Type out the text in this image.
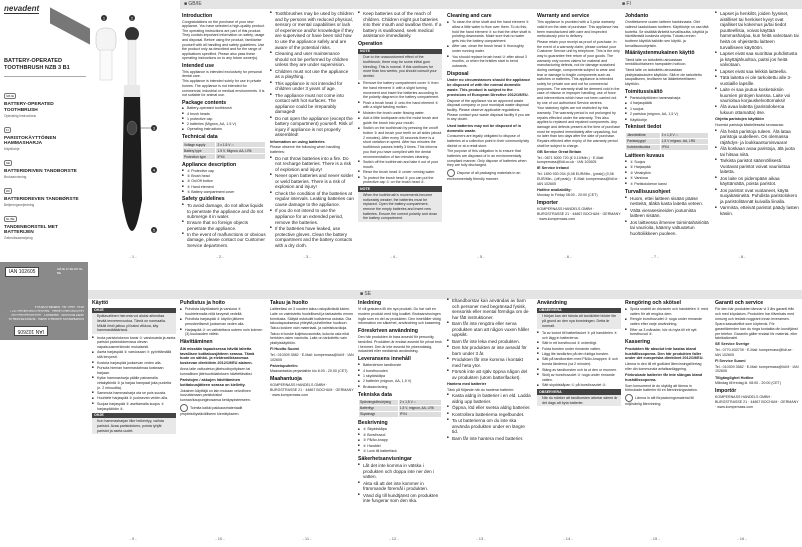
nevadent
BATTERY-OPERATED TOOTHBRUSH NZB 3 B1
GB IE
BATTERY-OPERATED TOOTHBRUSH
Operating instructions
FI
PARISTOKÄYTTÖINEN HAMMASHARJA
Käyttöohje
SE
BATTERIDRIVEN TANDBORSTE
Bruksanvisning
DK
BATTERIDREVEN TANDBØRSTE
Betjeningsvejledning
NL BE
TANDENBORSTEL MET BATTERIJEN
Gebruiksaanwijzing
1	2
3
4
5
IAN 102605	GB IE FI SE DK NL BE
IAN 102605
KOMPERNASS HANDELS GMBH · BURGSTRASSE 21 · 44867 BOCHUM · GERMANY · www.kompernass.com
Last Information Update · Stand der Informationen: 07 / 2014 · Ident.-No.: NZB3B1-072014-2
■ GB/IE	■ FI
■ SE
Introduction

Congratulations on the purchase of your new appliance. You have selected a high-quality product. The operating instructions are part of this product. They contain important information on safety, usage and disposal. Before using the product, familiarise yourself with all handling and safety guidelines. Use the product only as described and for the range of applications specified. Please also pass these operating instructions on to any future owner(s).

Intended use

This appliance is intended exclusively for personal dental care.

This appliance is intended solely for use in private homes. The appliance is not intended for commercial, industrial or medical environments. It is not suitable for animal use.

Package contents
■ Battery-operated toothbrush
■ 4 brush heads
■ 1 protective cap
■ 2 batteries (Mignon, AA, 1.5 V)
■ Operating instructions
Technical data
Voltage supply	2 x 1.5 V ⎓
Battery type	1.5 V, Mignon, AA, LR6
Protection type	IPX4
Appliance description
■ ① Protective cap
■ ② Brush head
■ ③ On/Off button
■ ④ Hand element
■ ⑤ Battery compartment cover
Safety guidelines
■ To avoid damage, do not allow liquids to penetrate the appliance and do not submerge it in water.
■ Ensure that no foreign objects penetrate the appliance.
■ In the event of malfunctions or obvious damage, please contact our Customer Service department.
■ Toothbrushes may be used by children and by persons with reduced physical, sensory or mental capabilities or lack of experience and/or knowledge if they are supervised or have been told how to use the appliance safely and are aware of the potential risks.
■ Cleaning and user maintenance should not be performed by children unless they are under supervision.
■ Children must not use the appliance as a plaything.
■ This appliance is not intended for children under 3 years of age.
■ The appliance must not come into contact with hot surfaces. The appliance could be irreparably damaged!
■ Do not open the appliance (except the battery compartment) yourself. Risk of injury if appliance is not properly assembled!
Information on using batteries

Please observe the following when handling batteries:

■ Do not throw batteries into a fire. Do not recharge batteries. There is a risk of explosion and injury!
■ Never open batteries and never solder or weld batteries. There is a risk of explosion and injury!
■ Check the condition of the batteries at regular intervals. Leaking batteries can cause damage to the appliance.
■ If you do not intend to use the appliance for an extended period, remove the batteries.
■ If the batteries have leaked, use protective gloves. Clean the battery compartment and the battery contacts with a dry cloth.
■ Keep batteries out of the reach of children. Children might put batteries into their mouth and swallow them. If a battery is swallowed, seek medical assistance immediately.
Operation
NOTE
Due to the unaccustomed effect of the toothbrush, there may be some initial gum bleeding. This is normal. If this continues for more than two weeks, you should consult your dentist.
■ Remove the battery compartment cover ⑤ from the hand element ④ with a slight turning movement and insert the batteries according to the polarity diagram in the battery compartment.
■ Push a brush head ② onto the hand element ④ with a slight twisting motion.
■ Moisten the brush under flowing water.
■ Add a little toothpaste onto the moist brush and guide the brush into your mouth.
■ Switch on the toothbrush by pressing the on/off button ③ and brush your teeth on all sides (about 2 minutes). After every 30 seconds there is a short variation in speed. After two minutes the toothbrush pauses briefly 3 times. This informs you that you have complied with the dental recommendation of two minutes cleaning.
■ Switch off the toothbrush and take it out of your mouth.
■ Rinse the brush head ② under running water.
■ To protect the brush head ② you can put the protective cap ① on the brush head ②.
NOTE
When the toothbrush's movements become noticeably weaker, the batteries must be replaced. Open the battery compartment, remove the empty batteries and insert new batteries. Ensure the correct polarity and close the battery compartment.
Cleaning and care
■ To clean the drive shaft and the hand element ④ allow a little water to flow over them. To do this, hold the hand element ④ so that the drive shaft is pointing downwards. Make sure that no water gets into the battery compartment.
■ After use, clean the brush head ② thoroughly under running water.
■ You should replace brush head ② after about 3 months, or when the bristles start to bend outwards.
Disposal
Under no circumstances should the appliance be disposed of with the normal domestic waste. This product is subject to the provisions of European Directive 2012/19/EU.

Dispose of the appliance via an approved waste disposal company or your municipal waste disposal facility. Please observe applicable regulations. Please contact your waste disposal facility if you are in any doubt.

Used batteries may not be disposed of in domestic waste.

Consumers are legally obligated to dispose of batteries at a collection point in their community/city district or at a retail store.

The purpose of this obligation is to ensure that batteries are disposed of in an environmentally compliant manner. Only dispose of batteries when they are fully discharged.

Dispose of all packaging materials in an environmentally friendly manner.

Warranty and service

This appliance is provided with a 3-year warranty valid from the date of purchase. This appliance has been manufactured with care and inspected meticulously prior to delivery.

Please retain your receipt as proof of purchase. In the event of a warranty claim, please contact your Customer Service unit by telephone. This is the only way to guarantee free return of your goods. The warranty only covers claims for material and manufacturing defects, not for damage sustained during carriage, components subject to wear and tear or damage to fragile components such as switches or batteries. This appliance is intended solely for private use and not for commercial purposes. The warranty shall be deemed void in the case of misuse or improper handling, use of force and interventions which have not been carried out by one of our authorised Service centres.

Your statutory rights are not restricted by this warranty. The warranty period is not prolonged by repairs effected under the warranty. This also applies to replaced and repaired components. Any damage and defects present at the time of purchase must be reported immediately after unpacking, but no later than two days after the date of purchase. Repairs effected after expiry of the warranty period shall be subject to charge.

GB Service Great Britain

Tel.: 0871 5000 720 (£ 0.10/Min.) · E-Mail: kompernass@lidl.co.uk · IAN 102605

IE Service Ireland

Tel: 1890 930 034 (0,08 EUR/Min., (peak)) (0,06 EUR/Min., (off peak)) · E-Mail: kompernass@lidl.ie · IAN 102605

Hotline availability:

Monday to Friday 08:00 - 20:00 (CET)

Importer

KOMPERNASS HANDELS GMBH · BURGSTRASSE 21 · 44867 BOCHUM · GERMANY · www.kompernass.com

Johdanto

Onnittelumme uuden laitteen hankinnasta. Olet valinnut laadukkaan tuotteen. Käyttöohje on osa tätä tuotetta. Se sisältää tärkeitä turvallisuutta, käyttöä ja hävittämistä koskevia ohjeita. Tutustu ennen tuotteen käyttöä kaikkiin sen käyttö- ja turvallisuusohjeisiin.

Määräystenmukainen käyttö

Tämä laite on tarkoitettu ainoastaan henkilökohtaiseen hampaiden hoitoon.

Tämä laite on tarkoitettu ainoastaan yksityistalouksien käyttöön. Sitä ei ole tarkoitettu kaupalliseen, teolliseen tai lääketieteelliseen käyttöön.

Toimitussisältö
■ Paristokäyttöinen hammasharja
■ 4 harjaspäätä
■ 1 suojus
■ 2 paristoa (mignon, AA, 1,5 V)
■ Käyttöohje
Tekniset tiedot
Jännitelähde	2 x 1,5 V ⎓
Paristotyyppi	1,5 V mignon, AA, LR6
Kotelointiluokka	IPX4
Laitteen kuvaus
■ ① Suojus
■ ② Harjaspää
■ ③ Virtakytkin
■ ④ Varsiosa
■ ⑤ Paristolokeron kansi
Turvallisuusohjeet
■ Huom, ettei laitteen sisään pääse nesteitä, äläkä kasta laitetta veteen.
■ Vältä vierasesineiden joutumista laitteen sisään.
■ Jos laitteessa ilmenee toimintahäiriöitä tai vaurioita, käänny valtuutetun huoltoliikkeen puoleen.
■ Lapset ja henkilöt, joiden fyysiset, aistilliset tai henkiset kyvyt ovat rajalliset tai kokemus ja/tai tiedot puutteellisia, voivat käyttää hammasharjaa, kun heitä valvotaan tai heitä on ohjeistettu laitteen turvalliseen käyttöön.
■ Lapset eivät saa suorittaa puhdistusta ja käyttäjähuoltoa, paitsi jos heitä valvotaan.
■ Lapset eivät saa leikkiä laitteella.
■ Tätä laitetta ei ole tarkoitettu alle 3-vuotiaille lapsille.
■ Laite ei saa joutua kosketuksiin kuumien pintojen kanssa. Laite voi vaurioitua korjauskelvottomaksi!
■ Älä avaa laitetta (paristolokeroa lukuun ottamatta) itse.
Ohjeita paristojen käyttöön

Huomioi paristoja käsitellessäsi seuraavaa:

■ Älä heitä paristoja tuleen. Älä lataa paristoja uudelleen. On olemassa räjähdys- ja loukkaantumisvaara!
■ Älä koskaan avaa paristoja, älä juota tai hitsaa niitä.
■ Tarkista paristot säännöllisesti. Vuotavat paristot voivat vaurioittaa laitetta.
■ Jos laite on pidempään aikaa käyttämättä, poista paristot.
■ Jos paristot ovat vuotaneet, käytä suojakäsineitä. Puhdista paristolokero ja paristolitännät kuivalla liinalla.
■ Varmista, etteivät paristot päädy lasten käsiin.
Käyttö
OHJE
Epätavallinen hieronta voi aluksi aiheuttaa lievää ienverenvuotoa. Tämä on normaalia. Mikäli ilmiö jatkuu yli kaksi viikkoa, käy hammaslääkärissä.
■ Irrota paristolokeron kansi ⑤ varsiosasta ja aseta paristot paristolokerossa olevan napaisuusmerkinnän mukaisesti.
■ Aseta harjaspää ② varsiosaan ④ pyörittämällä sitä kevyesti.
■ Kostuta harjaspää juoksevan veden alla.
■ Pursota hieman hammastahnaa kosteaan harjaan.
■ Kytke hammasharja päälle painamalla virtakytkintä ③ ja harjaa hampaat joka puolelta (n. 2 minuuttia).
■ Sammuta hammasharja ota se pois suusta.
■ Huuhtele harjaspää ② juoksevan veden alla.
■ Suojaa harjaspää ② asettamalla suojus ① harjaspäähän ②.
OHJE
Kun hammasharjan liike heikentyy, vaihda paristot. Avaa paristolokero, poista tyhjät paristot ja aseta uudet.
Puhdistus ja hoito
■ Puhdista käyttöakseli ja varsiosa ④ huuhtelemalla niitä kevyesti vedellä.
■ Puhdista harjaspää ② käytön jälkeen perusteellisesti juoksevan veden alla.
■ Harjaspää ② on vaihdettava uuteen noin kolmen (3) kuukauden välein.
Hävittäminen
Älä missään tapauksessa hävitä laitetta tavallisen kotitalousjätteen seassa. Tämä tuote on sähkö- ja elektroniikkaromua koskevan direktiivin 2012/19/EU alainen.

Anna laite valtuutetun jätehuoltoyrityksen tai kunnallisen jätehuoltolaitoksen hävitettäväksi.

Paristojen / akkujen hävittäminen kotitalousjätteen seassa on kielletty.

Jokainen käyttäjä on lain mukaan velvollinen luovuttamaan paristot/akut kunnan/kaupunginosansa keräyspisteeseen.

Toimita kaikki pakkausmateriaalit ympäristöystävälliseen kierrätykseen.

Takuu ja huolto

Laitteellasi on 3 vuoden takuu ostopäivästä lukien. Laite on valmistettu huolellisesti ja tarkastettu ennen toimitusta. Säilytä ostokuitti todisteena ostosta. Ota takuutapauksessa yhteyttä puhelimitse huoltoon. Takuu koskee vain materiaali- ja valmistusvikoja.

Takuu ei koske kuljetusvaurioita, kuluvia osia eikä herkkien osien vaurioita. Laite on tarkoitettu vain yksityiskäyttöön.

FI Huolto Suomi

Tel.: 010309 3582 · E-Mail: kompernass@lidl.fi · IAN 102605

Palvelupuhelin:

Maanantaista perjantaihin klo 8.00 - 20.00 (CET)

Maahantuoja

KOMPERNASS HANDELS GMBH · BURGSTRASSE 21 · 44867 BOCHUM · GERMANY · www.kompernass.com

Inledning

Vi vill gratulera till din nya produkt. Du har valt en modern produkt med hög kvalitet. Bruksanvisningen ingår som en del av produkten. Den innehåller viktig information om säkerhet, användning och kassering.

Föreskriven användning

Den här produkten är bara avsedd för personlig tandvård. Produkten är endast avsedd för privat bruk i hemmet. Den är inte avsedd för yrkesmässig, industriell eller medicinsk användning.

Leveransens innehåll
■ Batteridriven tandborste
■ 4 borsthuvuden
■ 1 skyddskåpa
■ 2 batterier (mignon, AA, 1,5 V)
■ Bruksanvisning
Tekniska data
Spänningsförsörjning	2 x 1,5 V ⎓
Batterityp	1,5 V, mignon, AA, LR6
Skyddstyp	IPX4
Beskrivning
■ ① Skyddskåpa
■ ② Borsthuvud
■ ③ På/Av-knapp
■ ④ Handdel
■ ⑤ Lock till batterifack
Säkerhetsanvisningar
■ Låt det inte komma in vätska i produkten och doppa inte ner den i vatten.
■ Akta så att det inte kommer in främmande föremål i produkten.
■ Vänd dig till kundtjänst om produkten inte fungerar som den ska.
■ Eltandborstar kan användas av barn och personer med begränsad fysisk, sensorisk eller mental förmåga om de har fått instruktioner.
■ Barn får inte rengöra eller serva produkten utan att någon vuxen håller uppsikt.
■ Barn får inte leka med produkten.
■ Den här produkten är inte avsedd för barn under 3 år.
■ Produkten får inte komma i kontakt med heta ytor.
■ Försök inte att själv öppna någon del av produkten (utom batterifacket).
Hantera med batterier

Tänk på följande när du hanterar batterier:

■ Kasta aldrig in batterier i en eld. Ladda aldrig upp batterier.
■ Öppna, löd eller svetsa aldrig batterier.
■ Kontrollera batterierna regelbundet.
■ Ta ut batterierna om du inte ska använda produkten under en längre tid.
■ Barn får inte hantera med batterier.
Användning
OBSERVERA
I början kan det hända att tandköttet blöder lite på grund av den nya borstningen. Detta är normalt.
■ Ta av locket till batterifacket ⑤ på handdelen ④ och lägg in batterierna.
■ Sätt in ett borsthuvud ② ordentligt.
■ Fukta borsten under rinnande vatten.
■ Lägg lite tandkräm på den fuktiga borsten.
■ Sätt på tandborsten med På/Av-knappen ③ och borsta tänderna (ca 2 minuter).
■ Stäng av tandborsten och ta ut den ur munnen.
■ Skölj av borsthuvudet ② noga under rinnande vatten.
■ Sätt skyddskåpan ① på borsthuvudet ②.
OBSERVERA
När du märker att tandborsten arbetar sämre är det dags att byta batterier.
Rengöring och skötsel
■ Spola snabbt av drivaxeln och handdelen ④ med vatten för att rengöra dem.
■ Rengör borsthuvudet ② noga under rinnande vatten efter varje användning.
■ Efter ca 3 månader, bör du byta till ett nytt borsthuvud ②.
Kassering
Produkten får absolut inte kastas bland hushållssoporna. Den här produkten faller under det europeiska direktivet 2012/19/EU.

Lämna in den till ett godkänt återvinningsföretag eller din kommunala avfallsanläggning.

Förbrukade batterier får inte slängas bland hushållssoporna.

Som konsument är du skyldig att lämna in förbrukade batterier till en återvinningsstation.

Lämna in allt förpackningsmaterial till miljövänlig återvinning.

Garanti och service

För den här produkten lämnar vi 3 års garanti från och med köpdatum. Produkten har tillverkats med omsorg och testats noggrant innan leveransen.

Spara kassakvittot som köpbevis. För garantiärenden kan du ringa kontakta din kundtjänst per telefon. Garantin gäller endast för material- eller fabrikationsfel.

SE Service Sverige

Tel.: 0770-930739 · E-Mail: kompernass@lidl.se · IAN 102605

FI Service Suomi

Tel.: 010309 3582 · E-Mail: kompernass@lidl.fi · IAN 102605

Tillgänglighet Hotline

Måndag till fredag kl. 08:00 - 20:00 (CET)

Importör

KOMPERNASS HANDELS GMBH · BURGSTRASSE 21 · 44867 BOCHUM · GERMANY · www.kompernass.com

- 1 -	- 2 -	- 3 -	- 4 -	- 5 -	- 6 -	- 7 -	- 8 -
- 9 -	- 10 -	- 11 -	- 12 -	- 13 -	- 14 -	- 15 -	- 16 -
